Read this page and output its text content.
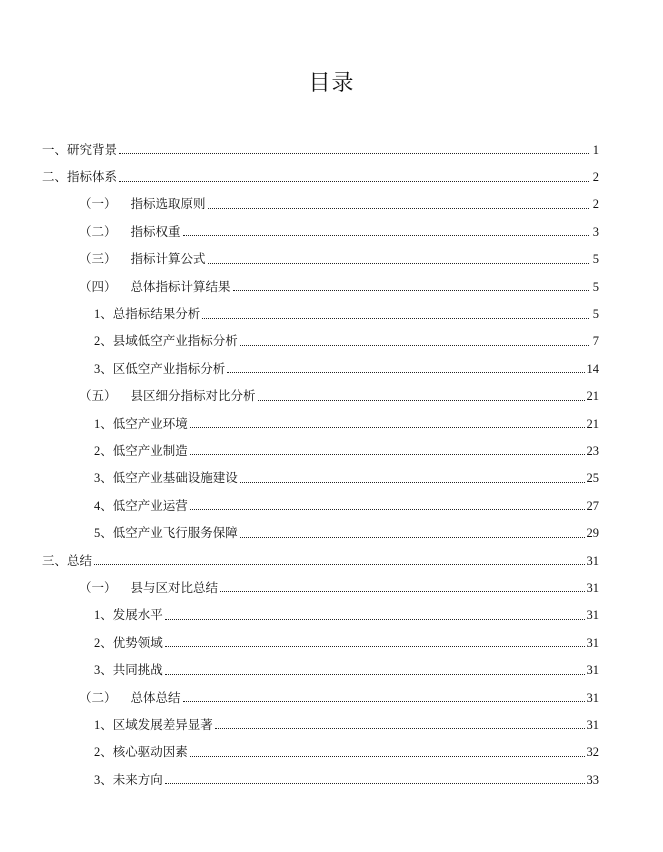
目录
一、研究背景	1
二、指标体系	2
（一） 指标选取原则	2
（二） 指标权重	3
（三） 指标计算公式	5
（四） 总体指标计算结果	5
1、总指标结果分析	5
2、县域低空产业指标分析	7
3、区低空产业指标分析	14
（五） 县区细分指标对比分析	21
1、低空产业环境	21
2、低空产业制造	23
3、低空产业基础设施建设	25
4、低空产业运营	27
5、低空产业飞行服务保障	29
三、总结	31
（一） 县与区对比总结	31
1、发展水平	31
2、优势领域	31
3、共同挑战	31
（二） 总体总结	31
1、区域发展差异显著	31
2、核心驱动因素	32
3、未来方向	33
